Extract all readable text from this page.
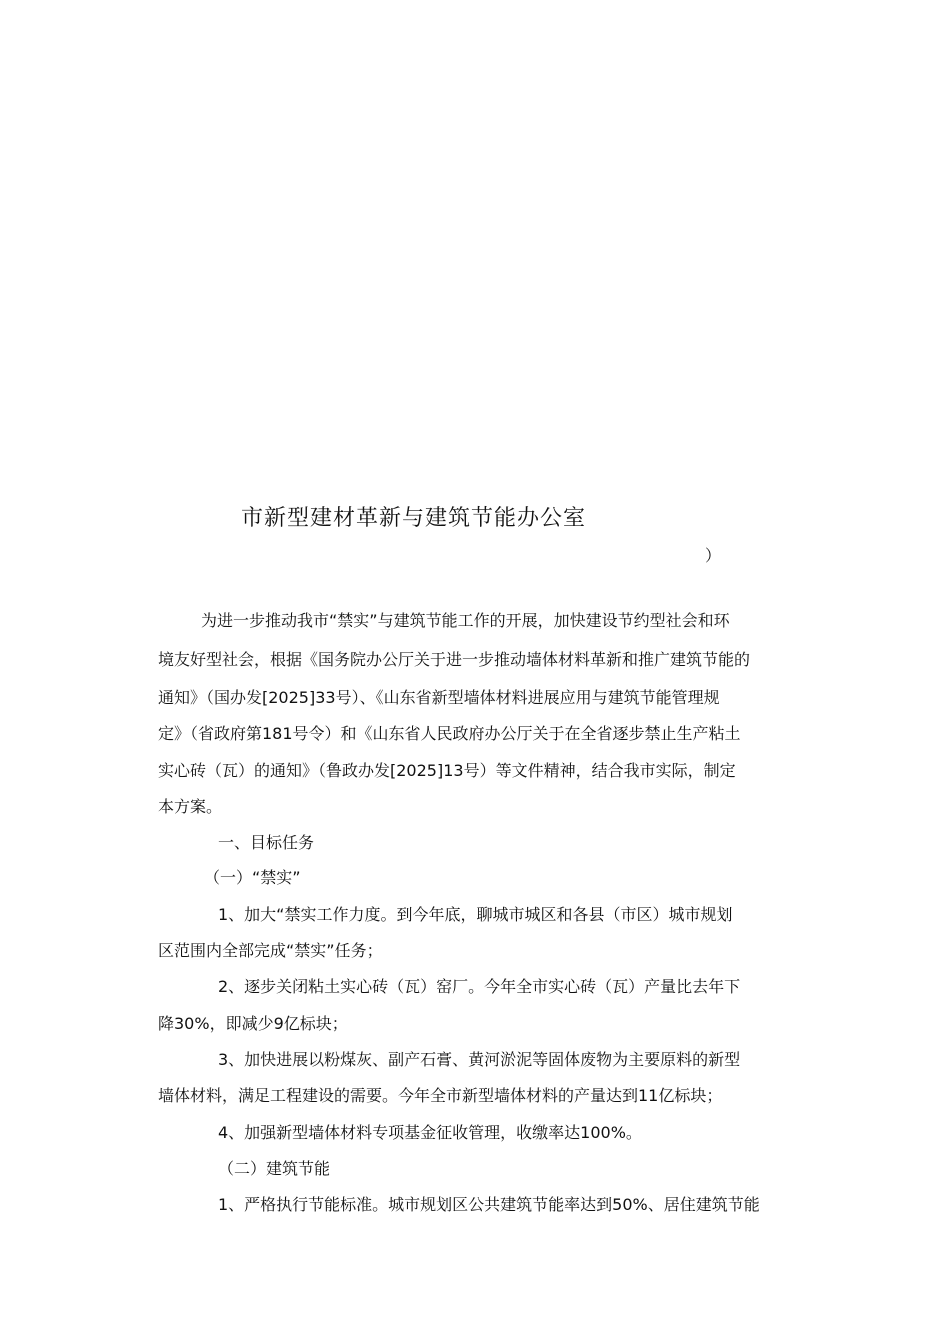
市新型建材革新与建筑节能办公室
）
为进一步推动我市“禁实”与建筑节能工作的开展，加快建设节约型社会和环
境友好型社会，根据《国务院办公厅关于进一步推动墙体材料革新和推广建筑节能的
通知》（国办发[2025]33号）、《山东省新型墙体材料进展应用与建筑节能管理规
定》（省政府第181号令）和《山东省人民政府办公厅关于在全省逐步禁止生产粘土
实心砖（瓦）的通知》（鲁政办发[2025]13号）等文件精神，结合我市实际，制定
本方案。
一、目标任务
（一）“禁实”
1、加大“禁实工作力度。到今年底，聊城市城区和各县（市区）城市规划
区范围内全部完成“禁实”任务；
2、逐步关闭粘土实心砖（瓦）窑厂。今年全市实心砖（瓦）产量比去年下
降30%，即减少9亿标块；
3、加快进展以粉煤灰、副产石膏、黄河淤泥等固体废物为主要原料的新型
墙体材料，满足工程建设的需要。今年全市新型墙体材料的产量达到11亿标块；
4、加强新型墙体材料专项基金征收管理，收缴率达100%。
（二）建筑节能
1、严格执行节能标准。城市规划区公共建筑节能率达到50%、居住建筑节能
